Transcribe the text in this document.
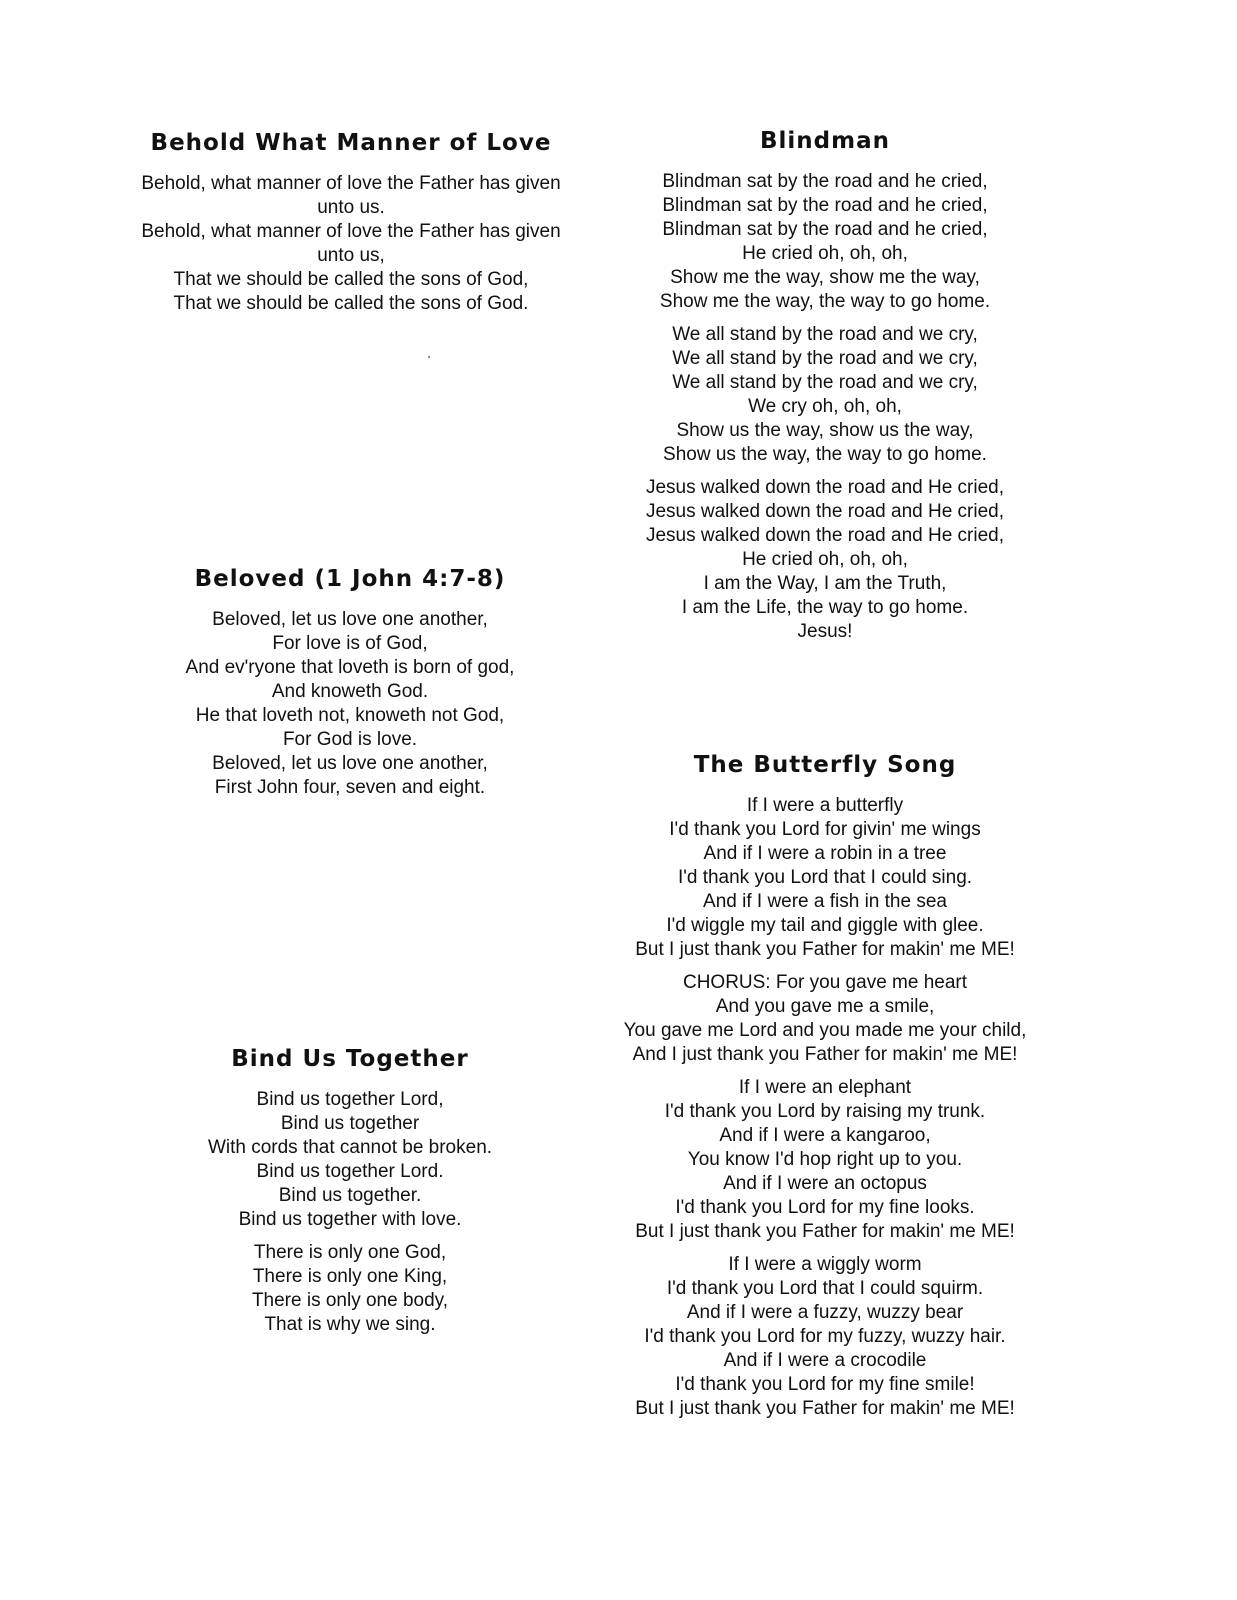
Behold What Manner of Love
Behold, what manner of love the Father has given
unto us.
Behold, what manner of love the Father has given
unto us,
That we should be called the sons of God,
That we should be called the sons of God.
Beloved (1 John 4:7-8)
Beloved, let us love one another,
For love is of God,
And ev'ryone that loveth is born of god,
And knoweth God.
He that loveth not, knoweth not God,
For God is love.
Beloved, let us love one another,
First John four, seven and eight.
Bind Us Together
Bind us together Lord,
Bind us together
With cords that cannot be broken.
Bind us together Lord.
Bind us together.
Bind us together with love.
There is only one God,
There is only one King,
There is only one body,
That is why we sing.
Blindman
Blindman sat by the road and he cried,
Blindman sat by the road and he cried,
Blindman sat by the road and he cried,
He cried oh, oh, oh,
Show me the way, show me the way,
Show me the way, the way to go home.
We all stand by the road and we cry,
We all stand by the road and we cry,
We all stand by the road and we cry,
We cry oh, oh, oh,
Show us the way, show us the way,
Show us the way, the way to go home.
Jesus walked down the road and He cried,
Jesus walked down the road and He cried,
Jesus walked down the road and He cried,
He cried oh, oh, oh,
I am the Way, I am the Truth,
I am the Life, the way to go home.
Jesus!
The Butterfly Song
If I were a butterfly
I'd thank you Lord for givin' me wings
And if I were a robin in a tree
I'd thank you Lord that I could sing.
And if I were a fish in the sea
I'd wiggle my tail and giggle with glee.
But I just thank you Father for makin' me ME!
CHORUS: For you gave me heart
And you gave me a smile,
You gave me Lord and you made me your child,
And I just thank you Father for makin' me ME!
If I were an elephant
I'd thank you Lord by raising my trunk.
And if I were a kangaroo,
You know I'd hop right up to you.
And if I were an octopus
I'd thank you Lord for my fine looks.
But I just thank you Father for makin' me ME!
If I were a wiggly worm
I'd thank you Lord that I could squirm.
And if I were a fuzzy, wuzzy bear
I'd thank you Lord for my fuzzy, wuzzy hair.
And if I were a crocodile
I'd thank you Lord for my fine smile!
But I just thank you Father for makin' me ME!
